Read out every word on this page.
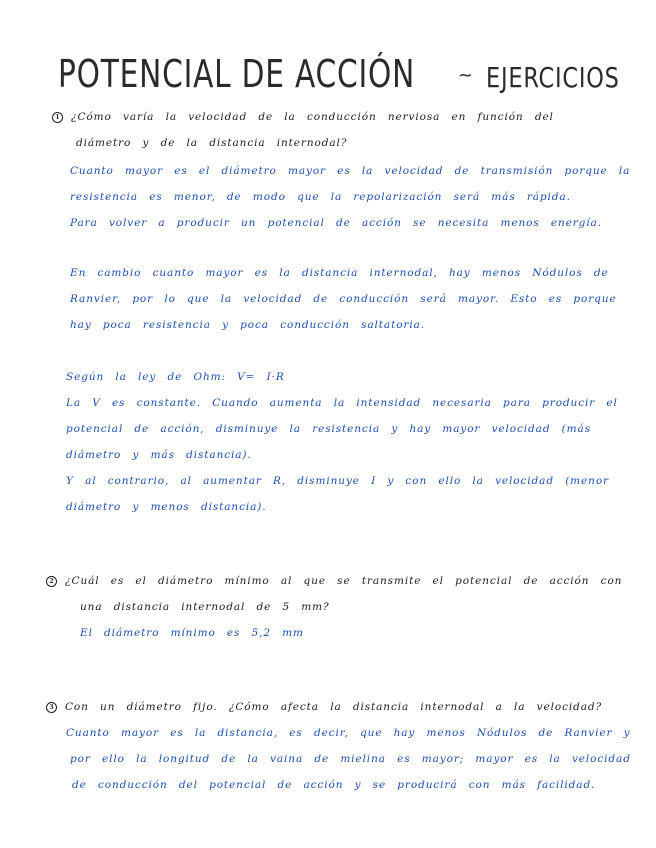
POTENCIAL DE ACCIÓN ~ EJERCICIOS
1 ¿Cómo varía la velocidad de la conducción nerviosa en función del
diámetro y de la distancia internodal?
Cuanto mayor es el diámetro mayor es la velocidad de transmisión porque la
resistencia es menor, de modo que la repolarización será más rápida.
Para volver a producir un potencial de acción se necesita menos energía.
En cambio cuanto mayor es la distancia internodal, hay menos Nódulos de
Ranvier, por lo que la velocidad de conducción será mayor. Esto es porque
hay poca resistencia y poca conducción saltatoria.
Según la ley de Ohm: V= I·R
La V es constante. Cuando aumenta la intensidad necesaria para producir el
potencial de acción, disminuye la resistencia y hay mayor velocidad (más
diámetro y más distancia).
Y al contrario, al aumentar R, disminuye I y con ello la velocidad (menor
diámetro y menos distancia).
2 ¿Cuál es el diámetro mínimo al que se transmite el potencial de acción con
una distancia internodal de 5 mm?
El diámetro mínimo es 5,2 mm
3 Con un diámetro fijo. ¿Cómo afecta la distancia internodal a la velocidad?
Cuanto mayor es la distancia, es decir, que hay menos Nódulos de Ranvier y
por ello la longitud de la vaina de mielina es mayor; mayor es la velocidad
de conducción del potencial de acción y se producirá con más facilidad.
